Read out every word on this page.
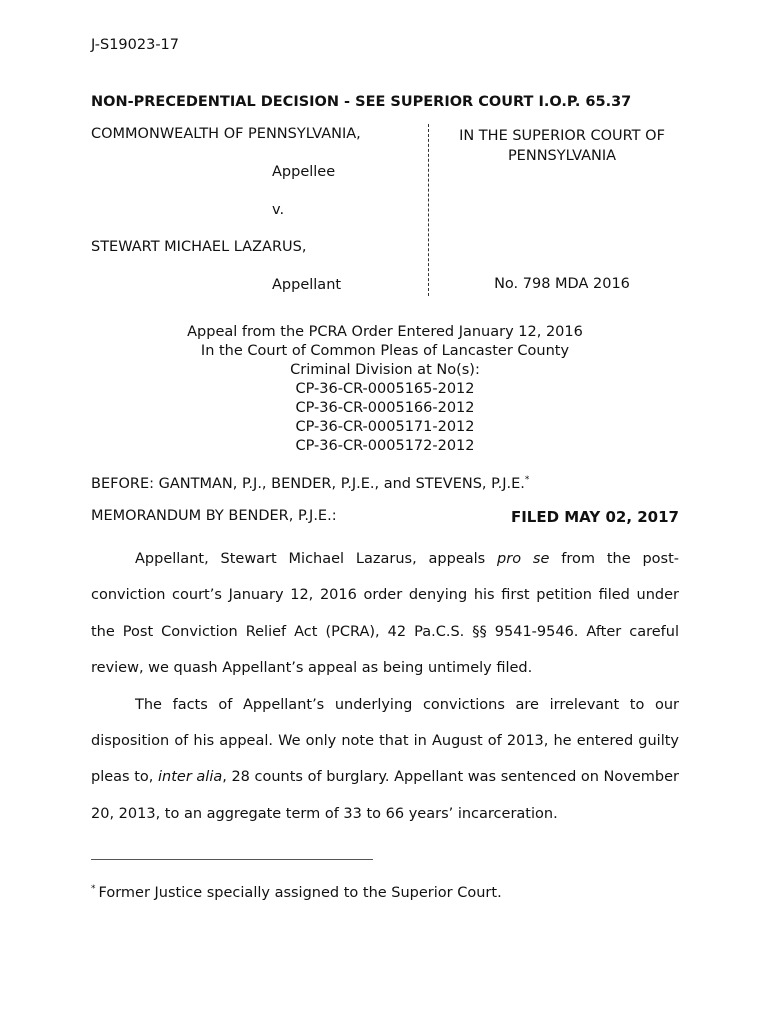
J-S19023-17
NON-PRECEDENTIAL DECISION - SEE SUPERIOR COURT I.O.P. 65.37
COMMONWEALTH OF PENNSYLVANIA,
Appellee
v.
STEWART MICHAEL LAZARUS,
Appellant
IN THE SUPERIOR COURT OF PENNSYLVANIA
No. 798 MDA 2016
Appeal from the PCRA Order Entered January 12, 2016
In the Court of Common Pleas of Lancaster County
Criminal Division at No(s):
CP-36-CR-0005165-2012
CP-36-CR-0005166-2012
CP-36-CR-0005171-2012
CP-36-CR-0005172-2012
BEFORE: GANTMAN, P.J., BENDER, P.J.E., and STEVENS, P.J.E.*
MEMORANDUM BY BENDER, P.J.E.:	FILED MAY 02, 2017

Appellant, Stewart Michael Lazarus, appeals pro se from the post-conviction court’s January 12, 2016 order denying his first petition filed under the Post Conviction Relief Act (PCRA), 42 Pa.C.S. §§ 9541-9546. After careful review, we quash Appellant’s appeal as being untimely filed.

The facts of Appellant’s underlying convictions are irrelevant to our disposition of his appeal. We only note that in August of 2013, he entered guilty pleas to, inter alia, 28 counts of burglary. Appellant was sentenced on November 20, 2013, to an aggregate term of 33 to 66 years’ incarceration.

* Former Justice specially assigned to the Superior Court.
